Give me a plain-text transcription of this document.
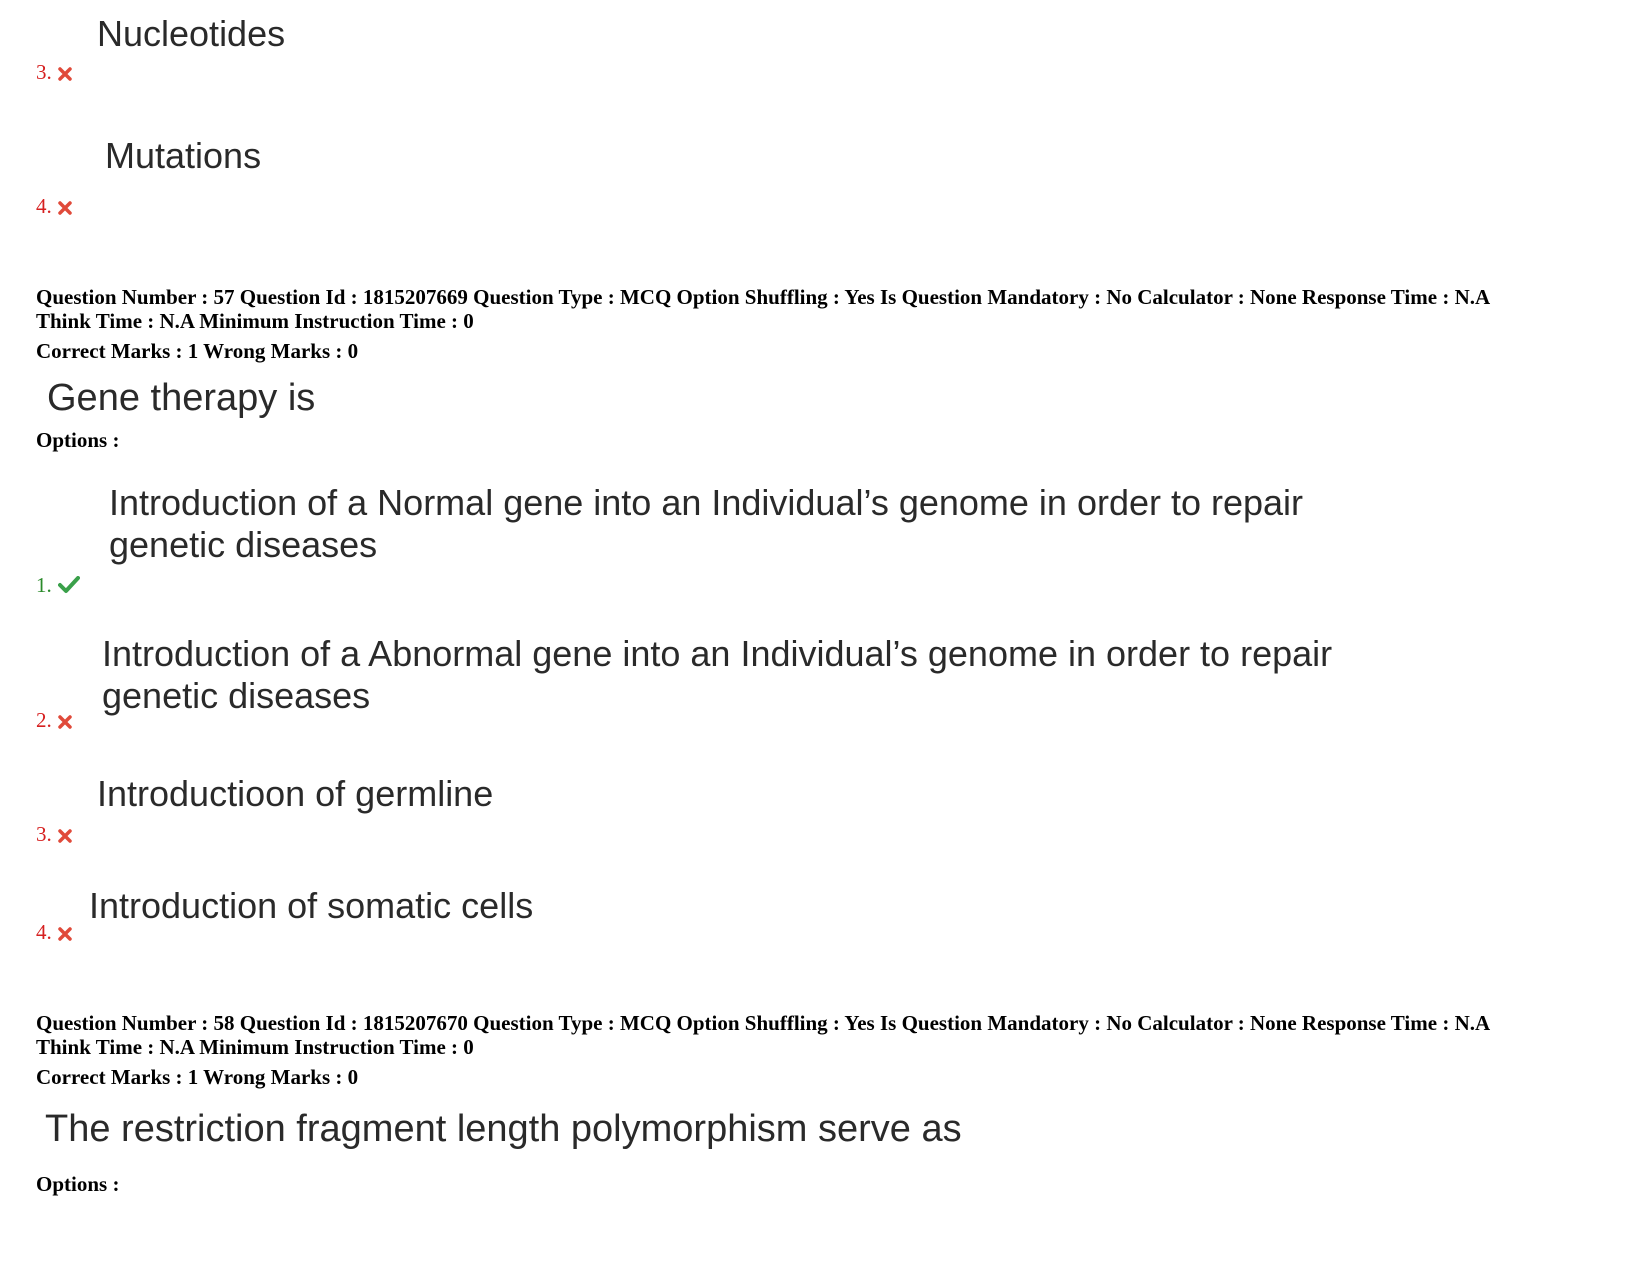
Nucleotides
3.
Mutations
4.
Question Number : 57 Question Id : 1815207669 Question Type : MCQ Option Shuffling : Yes Is Question Mandatory : No Calculator : None Response Time : N.A
Think Time : N.A Minimum Instruction Time : 0
Correct Marks : 1 Wrong Marks : 0
Gene therapy is
Options :
Introduction of a Normal gene into an Individual’s genome in order to repair
genetic diseases
1.
Introduction of a Abnormal gene into an Individual’s genome in order to repair
genetic diseases
2.
Introductioon of germline
3.
Introduction of somatic cells
4.
Question Number : 58 Question Id : 1815207670 Question Type : MCQ Option Shuffling : Yes Is Question Mandatory : No Calculator : None Response Time : N.A
Think Time : N.A Minimum Instruction Time : 0
Correct Marks : 1 Wrong Marks : 0
The restriction fragment length polymorphism serve as
Options :
